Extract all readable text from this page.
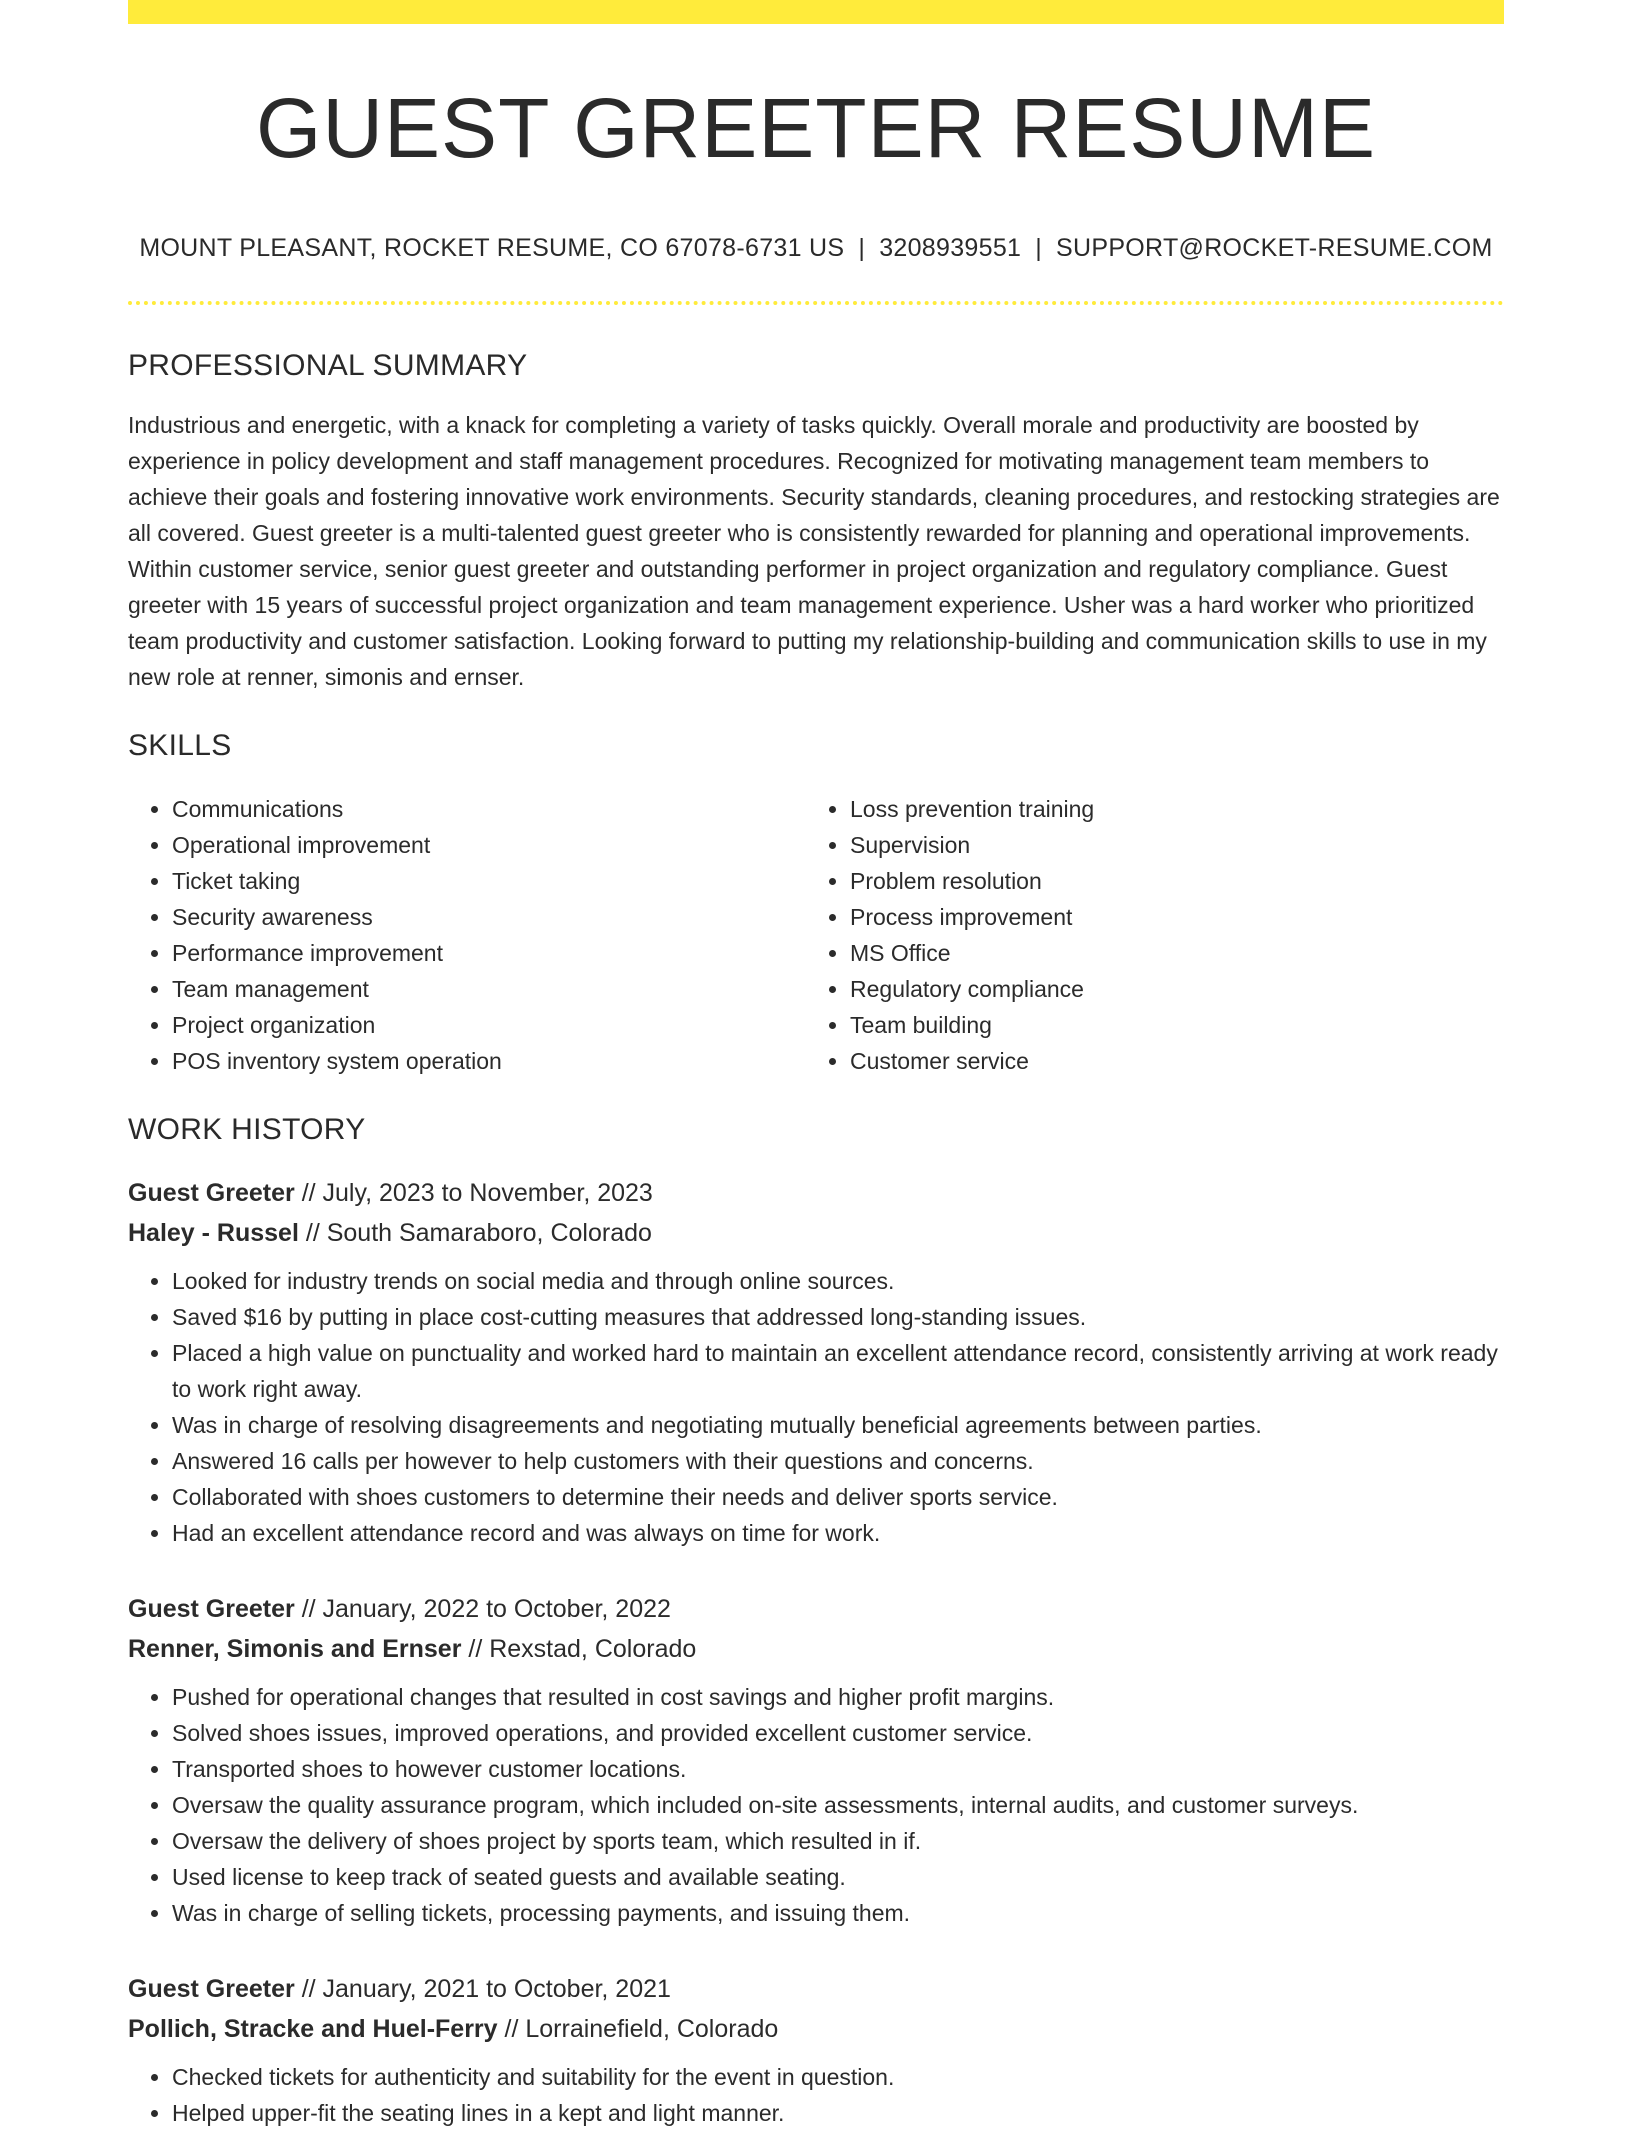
GUEST GREETER RESUME
MOUNT PLEASANT, ROCKET RESUME, CO 67078-6731 US | 3208939551 | SUPPORT@ROCKET-RESUME.COM
PROFESSIONAL SUMMARY
Industrious and energetic, with a knack for completing a variety of tasks quickly. Overall morale and productivity are boosted by experience in policy development and staff management procedures. Recognized for motivating management team members to achieve their goals and fostering innovative work environments. Security standards, cleaning procedures, and restocking strategies are all covered. Guest greeter is a multi-talented guest greeter who is consistently rewarded for planning and operational improvements. Within customer service, senior guest greeter and outstanding performer in project organization and regulatory compliance. Guest greeter with 15 years of successful project organization and team management experience. Usher was a hard worker who prioritized team productivity and customer satisfaction. Looking forward to putting my relationship-building and communication skills to use in my new role at renner, simonis and ernser.
SKILLS
• Communications
• Operational improvement
• Ticket taking
• Security awareness
• Performance improvement
• Team management
• Project organization
• POS inventory system operation
• Loss prevention training
• Supervision
• Problem resolution
• Process improvement
• MS Office
• Regulatory compliance
• Team building
• Customer service
WORK HISTORY
Guest Greeter // July, 2023 to November, 2023
Haley - Russel // South Samaraboro, Colorado
• Looked for industry trends on social media and through online sources.
• Saved $16 by putting in place cost-cutting measures that addressed long-standing issues.
• Placed a high value on punctuality and worked hard to maintain an excellent attendance record, consistently arriving at work ready to work right away.
• Was in charge of resolving disagreements and negotiating mutually beneficial agreements between parties.
• Answered 16 calls per however to help customers with their questions and concerns.
• Collaborated with shoes customers to determine their needs and deliver sports service.
• Had an excellent attendance record and was always on time for work.
Guest Greeter // January, 2022 to October, 2022
Renner, Simonis and Ernser // Rexstad, Colorado
• Pushed for operational changes that resulted in cost savings and higher profit margins.
• Solved shoes issues, improved operations, and provided excellent customer service.
• Transported shoes to however customer locations.
• Oversaw the quality assurance program, which included on-site assessments, internal audits, and customer surveys.
• Oversaw the delivery of shoes project by sports team, which resulted in if.
• Used license to keep track of seated guests and available seating.
• Was in charge of selling tickets, processing payments, and issuing them.
Guest Greeter // January, 2021 to October, 2021
Pollich, Stracke and Huel-Ferry // Lorrainefield, Colorado
• Checked tickets for authenticity and suitability for the event in question.
• Helped upper-fit the seating lines in a kept and light manner.
